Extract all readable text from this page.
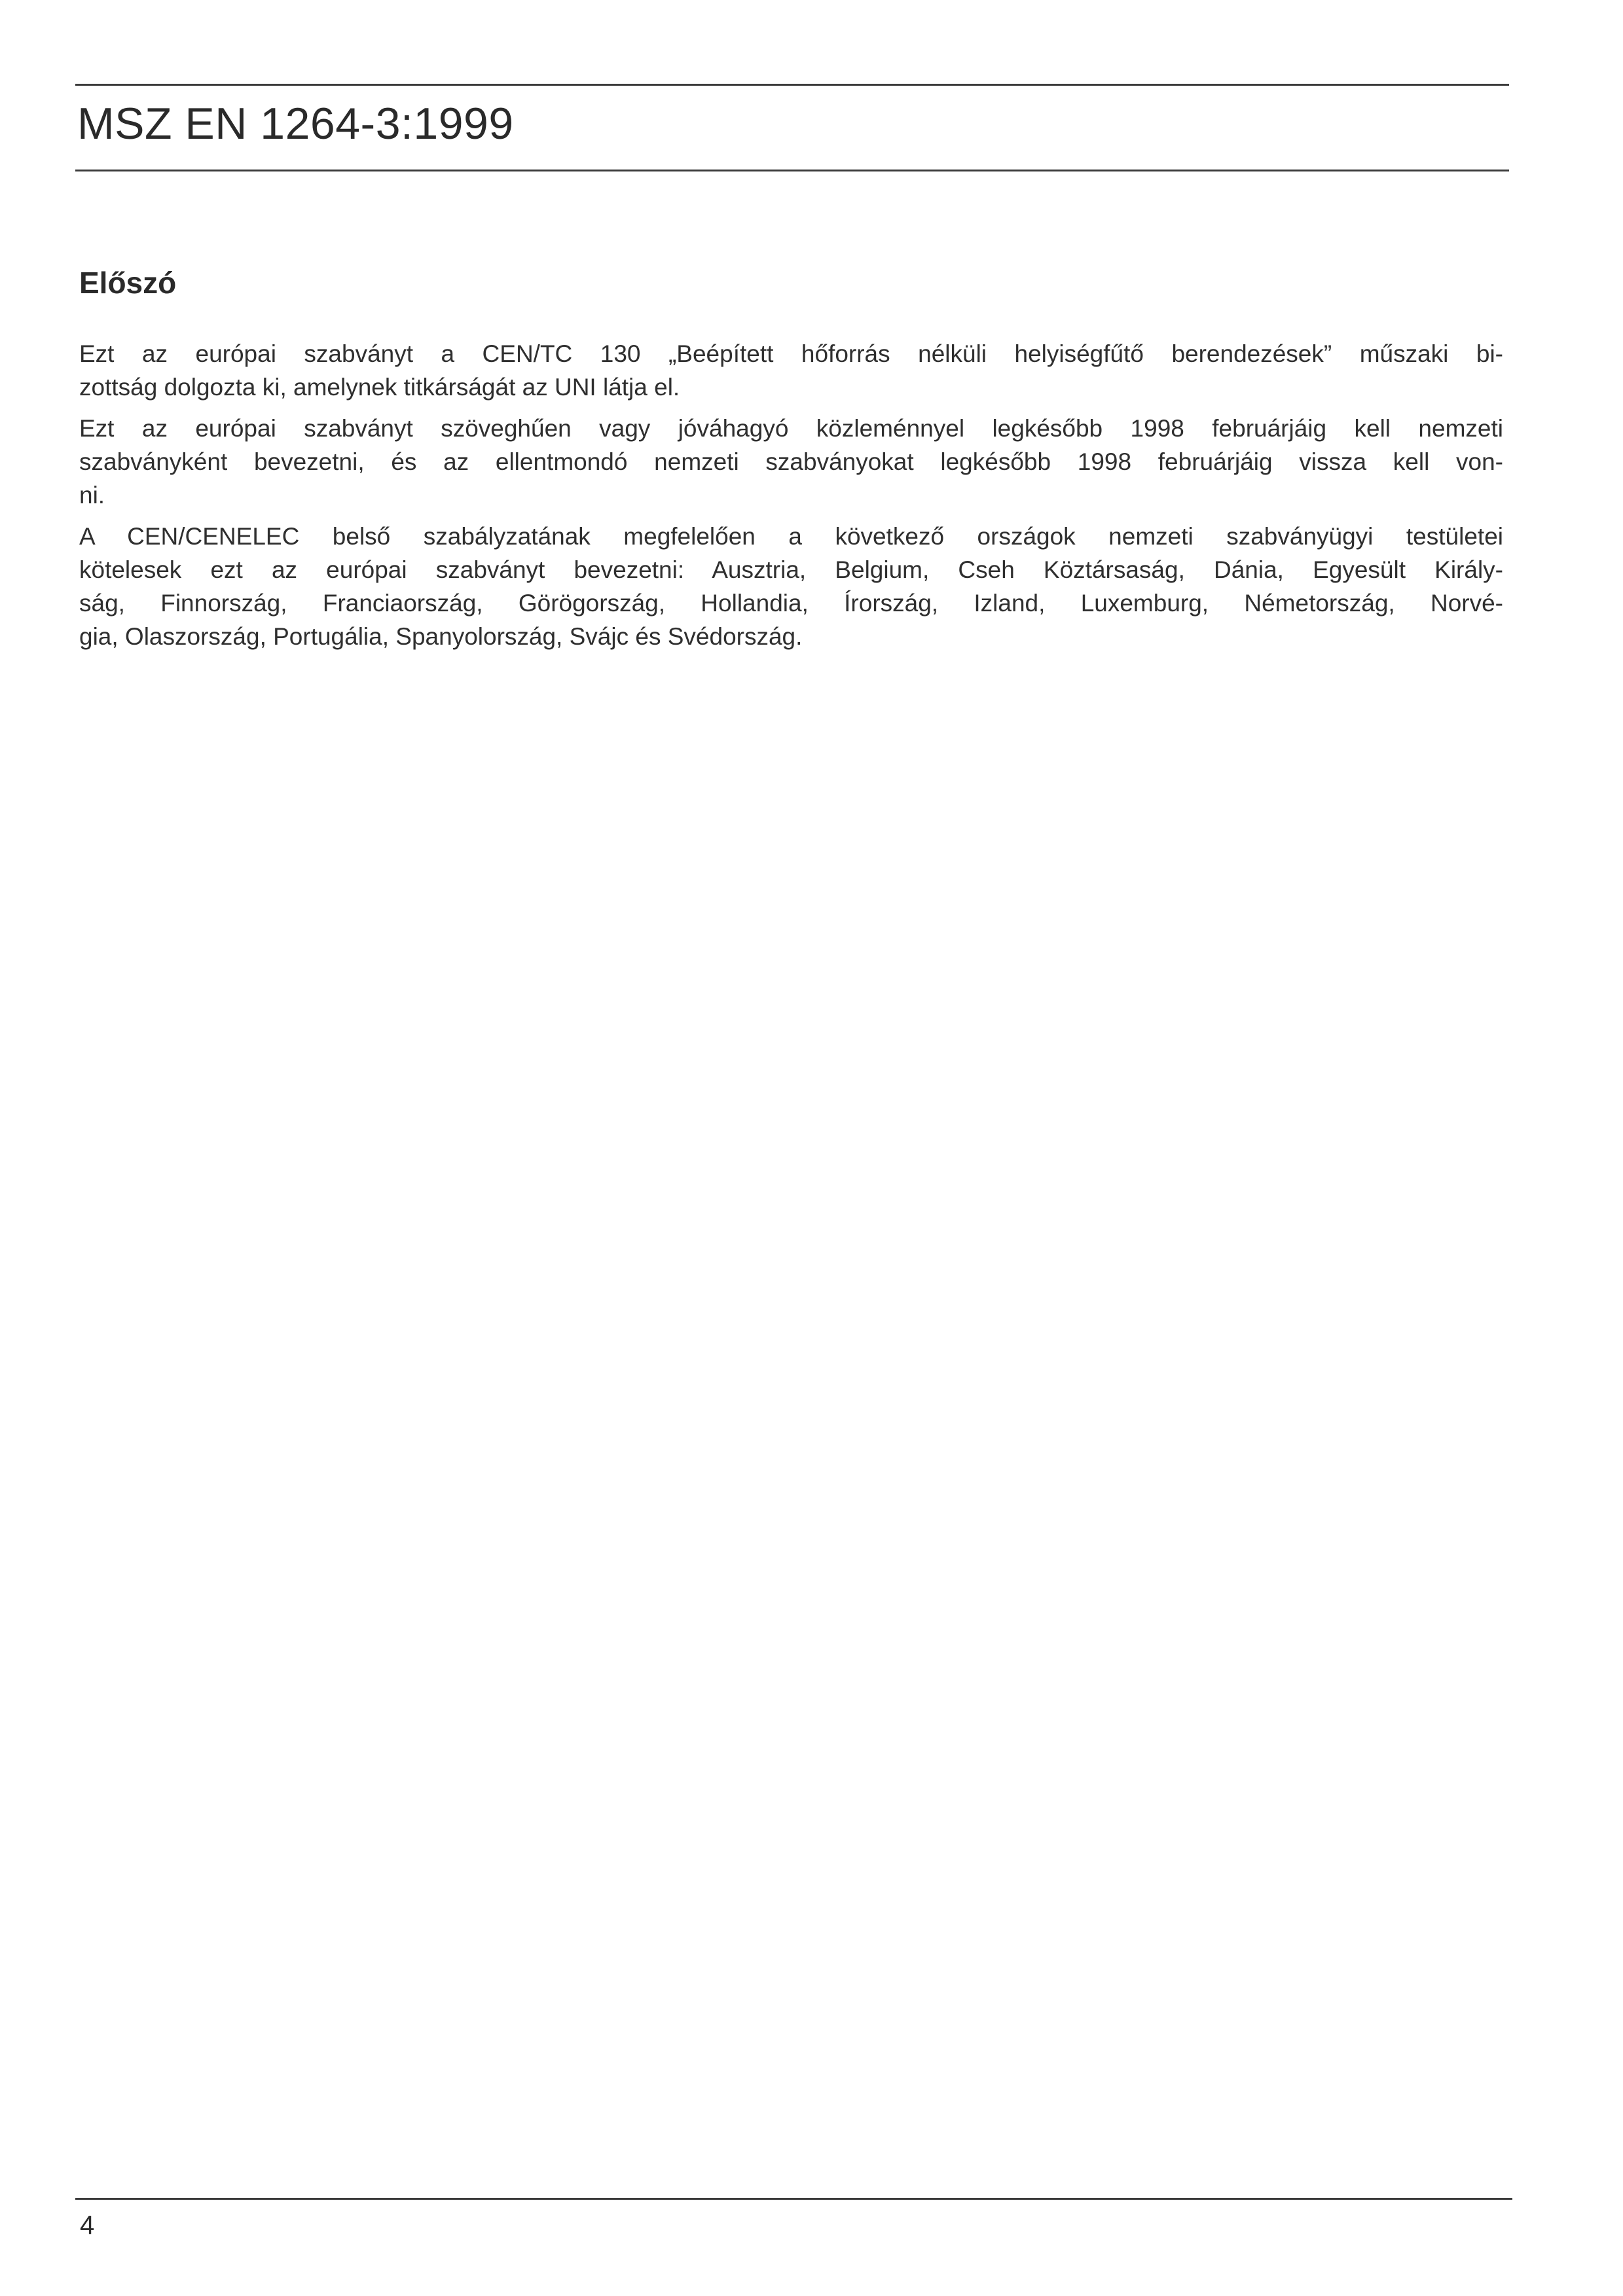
MSZ EN 1264-3:1999
Előszó
Ezt az európai szabványt a CEN/TC 130 „Beépített hőforrás nélküli helyiségfűtő berendezések” műszaki bi-
zottság dolgozta ki, amelynek titkárságát az UNI látja el.
Ezt az európai szabványt szöveghűen vagy jóváhagyó közleménnyel legkésőbb 1998 februárjáig kell nemzeti
szabványként bevezetni, és az ellentmondó nemzeti szabványokat legkésőbb 1998 februárjáig vissza kell von-
ni.
A CEN/CENELEC belső szabályzatának megfelelően a következő országok nemzeti szabványügyi testületei
kötelesek ezt az európai szabványt bevezetni: Ausztria, Belgium, Cseh Köztársaság, Dánia, Egyesült Király-
ság, Finnország, Franciaország, Görögország, Hollandia, Írország, Izland, Luxemburg, Németország, Norvé-
gia, Olaszország, Portugália, Spanyolország, Svájc és Svédország.
4
